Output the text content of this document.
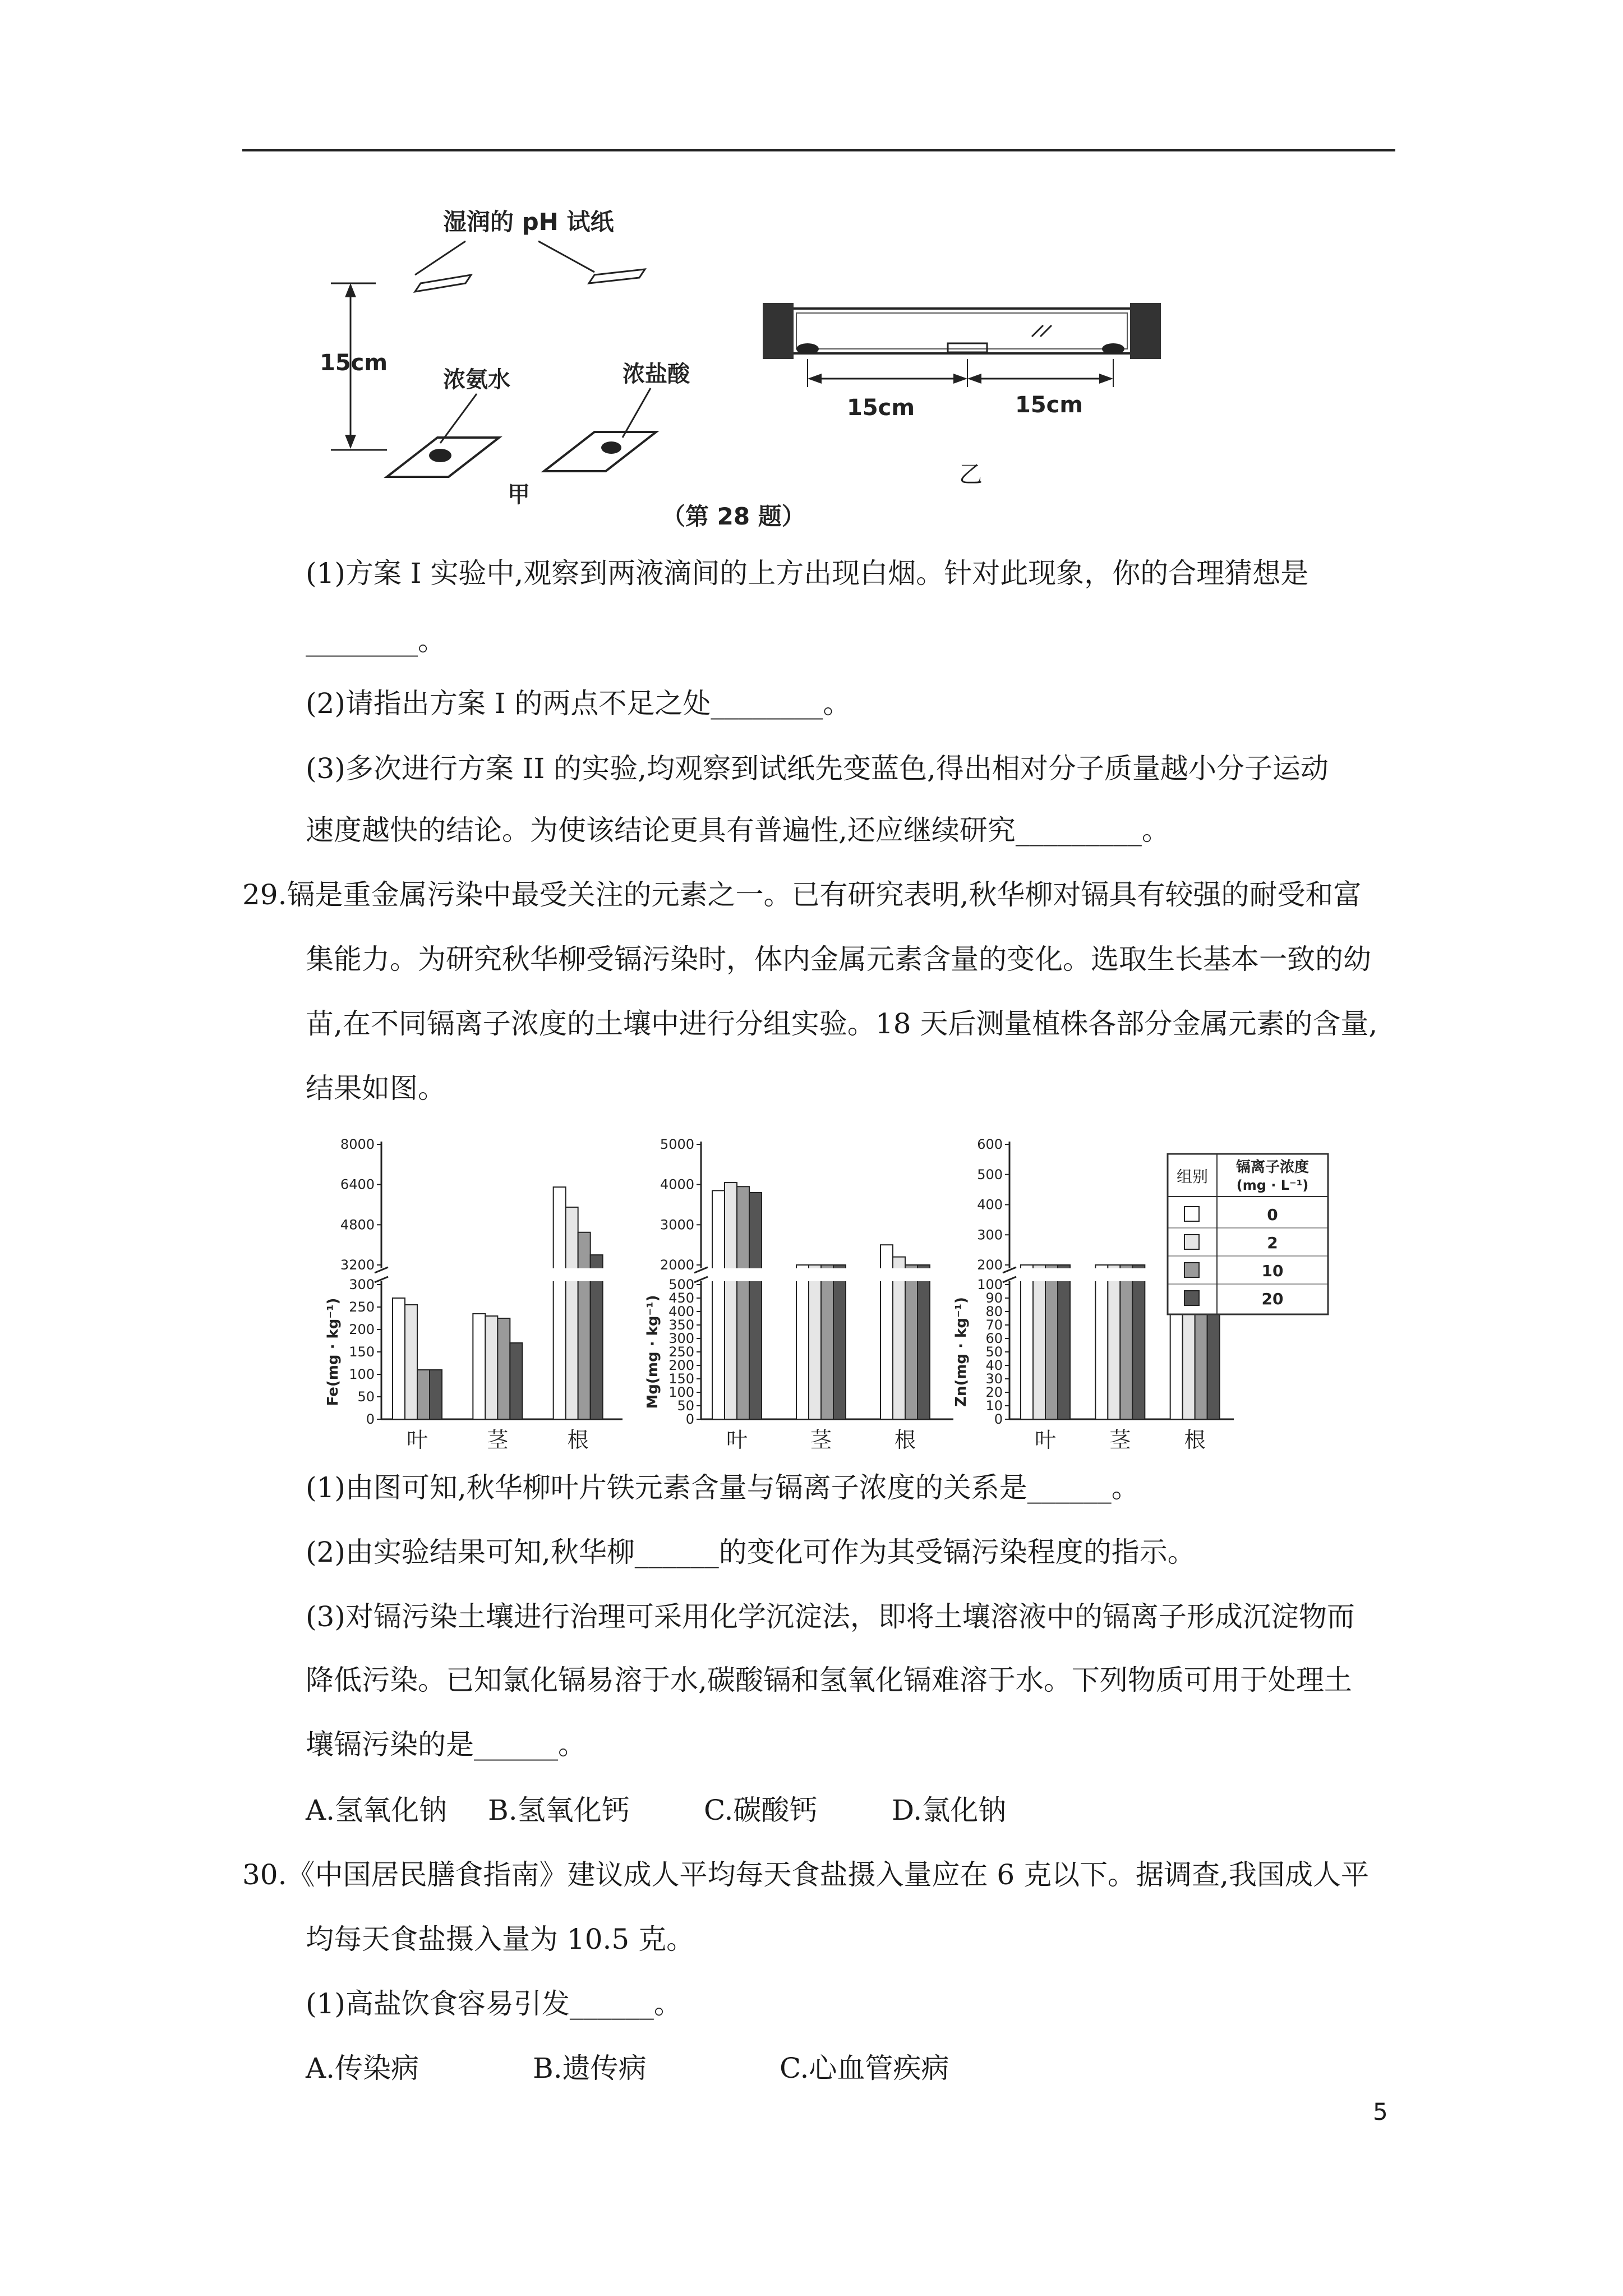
湿润的 pH 试纸
15cm
浓氨水	浓盐酸
甲
15cm	15cm
乙
（第 28 题）
(1)方案 I 实验中,观察到两液滴间的上方出现白烟。针对此现象，你的合理猜想是
________。
(2)请指出方案 I 的两点不足之处________。
(3)多次进行方案 II 的实验,均观察到试纸先变蓝色,得出相对分子质量越小分子运动
速度越快的结论。为使该结论更具有普遍性,还应继续研究_________。
29.镉是重金属污染中最受关注的元素之一。已有研究表明,秋华柳对镉具有较强的耐受和富
集能力。为研究秋华柳受镉污染时，体内金属元素含量的变化。选取生长基本一致的幼
苗,在不同镉离子浓度的土壤中进行分组实验。18 天后测量植株各部分金属元素的含量,
结果如图。
0
50
100
150
200
250
300
3200
4800
6400
8000
Fe(mg · kg⁻¹)
叶	茎	根
0
50
100
150
200
250
300
350
400
450
500
2000
3000
4000
5000
Mg(mg · kg⁻¹)
叶	茎	根
0
10
20
30
40
50
60
70
80
90
100
200
300
400
500
600
Zn(mg · kg⁻¹)
叶	茎	根
组别 镉离子浓度
(mg · L⁻¹)
0
2
10
20
(1)由图可知,秋华柳叶片铁元素含量与镉离子浓度的关系是______。
(2)由实验结果可知,秋华柳______的变化可作为其受镉污染程度的指示。
(3)对镉污染土壤进行治理可采用化学沉淀法，即将土壤溶液中的镉离子形成沉淀物而
降低污染。已知氯化镉易溶于水,碳酸镉和氢氧化镉难溶于水。下列物质可用于处理土
壤镉污染的是______。
A.氢氧化钠 B.氢氧化钙	C.碳酸钙	D.氯化钠
30.《中国居民膳食指南》建议成人平均每天食盐摄入量应在 6 克以下。据调查,我国成人平
均每天食盐摄入量为 10.5 克。
(1)高盐饮食容易引发______。
A.传染病	B.遗传病	C.心血管疾病
5
